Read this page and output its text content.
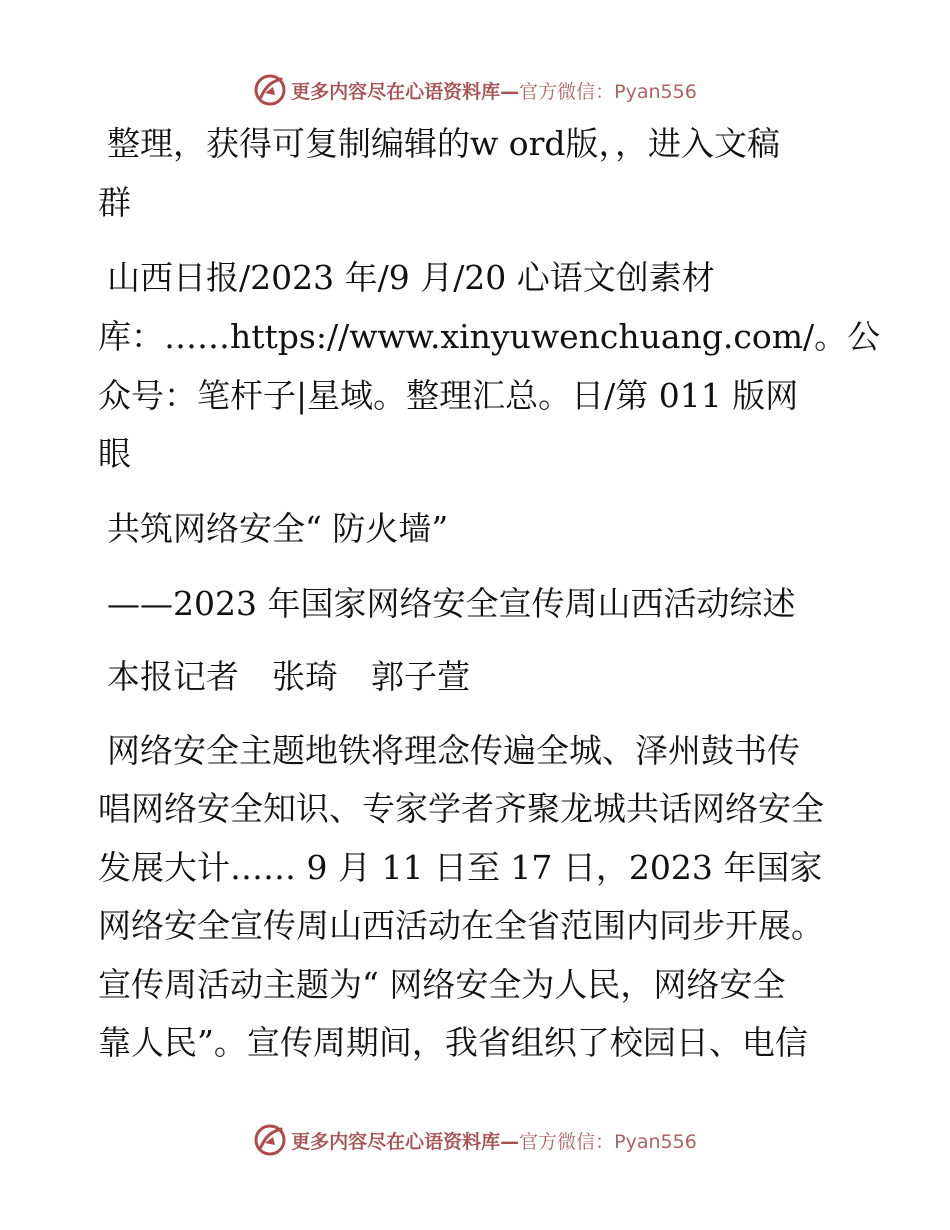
更多内容尽在心语资料库— 官方微信：Pyan556
整理，获得可复制编辑的w ord版，，进入文稿
群
山西日报/2023 年/9 月/20 心语文创素材
库：……https://www.xinyuwenchuang.com/。公
众号：笔杆子|星域。整理汇总。日/第 011 版网
眼
共筑网络安全“ 防火墙”
——2023 年国家网络安全宣传周山西活动综述
本报记者　张琦　郭子萱
网络安全主题地铁将理念传遍全城、泽州鼓书传
唱网络安全知识、专家学者齐聚龙城共话网络安全
发展大计…… 9 月 11 日至 17 日，2023 年国家
网络安全宣传周山西活动在全省范围内同步开展。
宣传周活动主题为“ 网络安全为人民，网络安全
靠人民”。宣传周期间，我省组织了校园日、电信
更多内容尽在心语资料库— 官方微信：Pyan556
